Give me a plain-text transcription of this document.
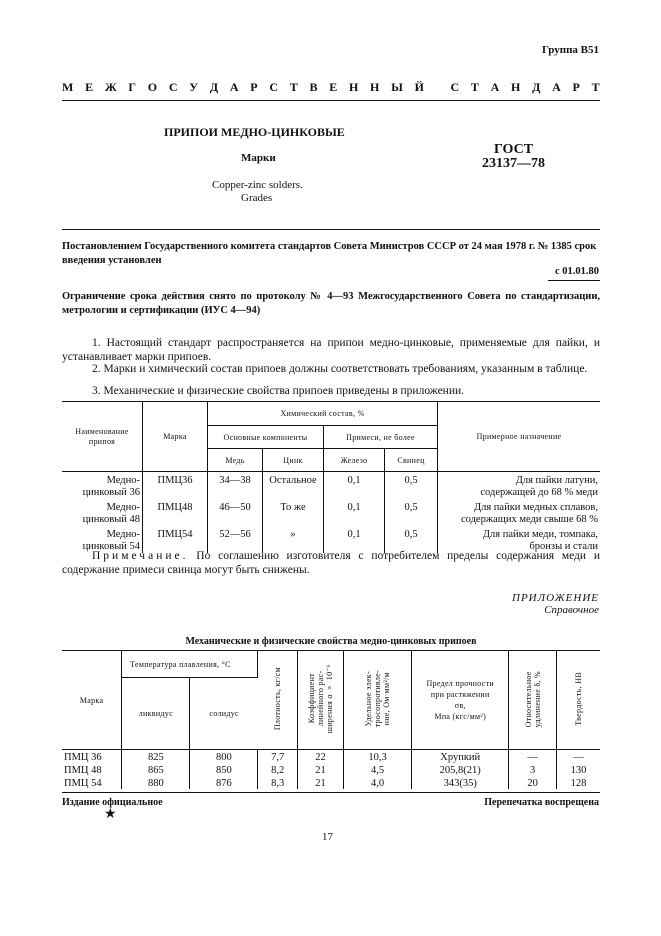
Группа В51
М Е Ж Г О С У Д А Р С Т В Е Н Н Ы Й
С Т А Н Д А Р Т
ПРИПОИ МЕДНО-ЦИНКОВЫЕ
Марки
Copper-zinc solders.
Grades
ГОСТ
23137—78
Постановлением Государственного комитета стандартов Совета Министров СССР от 24 мая 1978 г. № 1385 срок введения установлен
с 01.01.80
Ограничение срока действия снято по протоколу № 4—93 Межгосударственного Совета по стандартизации, метрологии и сертификации (ИУС 4—94)
1. Настоящий стандарт распространяется на припои медно-цинковые, применяемые для пайки, и устанавливает марки припоев.
2. Марки и химический состав припоев должны соответствовать требованиям, указанным в таблице.
3. Механические и физические свойства припоев приведены в приложении.
Наименование припоя	Марка	Химический состав, %				Примерное назначение
		Основные компоненты		Примеси, не более		
		Медь	Цинк	Железо	Свинец	
Медно-
цинковый 36	ПМЦ36	34—38	Остальное	0,1	0,5	Для пайки латуни,
содержащей до 68 % меди
Медно-
цинковый 48	ПМЦ48	46—50	То же	0,1	0,5	Для пайки медных сплавов,
содержащих меди свыше 68 %
Медно-
цинковый 54	ПМЦ54	52—56	»	0,1	0,5	Для пайки меди, томпака,
бронзы и стали
Примечание. По соглашению изготовителя с потребителем пределы содержания меди и содержание примеси свинца могут быть снижены.
ПРИЛОЖЕНИЕ
Справочное
Механические и физические свойства медно-цинковых припоев
Марка	Температура плавления, °С		Плотность, кг/см	Коэффициент
линейного рас-
ширения α × 10⁻⁶	Удельное элек-
тросопротивле-
ние, Ом·мм²/м	Предел прочности
при растяжении
σв,
Мпа (кгс/мм²)	Относительное
удлинение δ, %	Твердость, НВ
	ликвидус	солидус						
ПМЦ 36	825	800	7,7	22	10,3	Хрупкий	—	—
ПМЦ 48	865	850	8,2	21	4,5	205,8(21)	3	130
ПМЦ 54	880	876	8,3	21	4,0	343(35)	20	128
Издание официальное	Перепечатка воспрещена
★
17
